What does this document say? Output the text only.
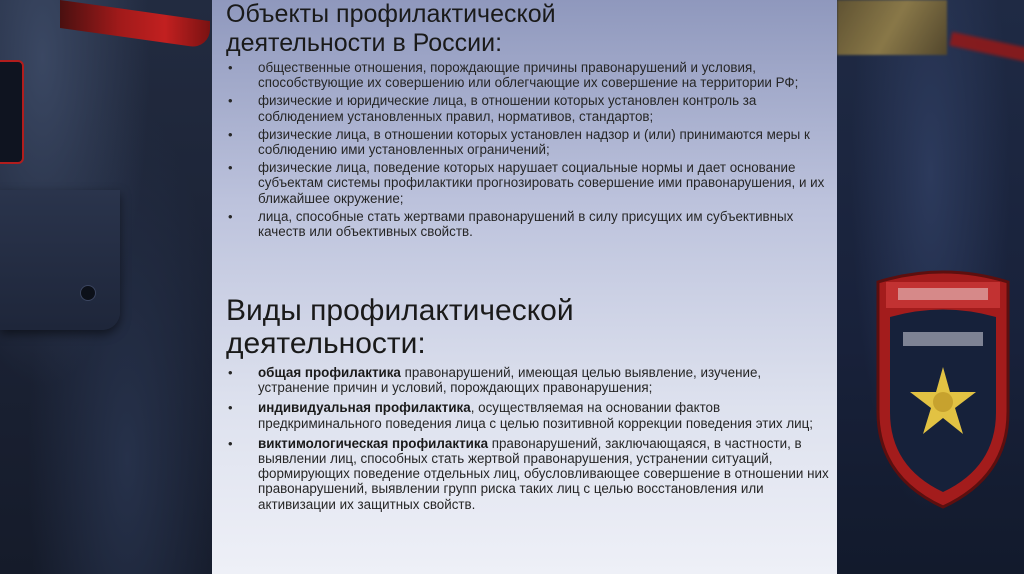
Объекты профилактической
деятельности в России:
• общественные отношения, порождающие причины правонарушений и условия, способствующие их совершению или облегчающие их совершение на территории РФ;
• физические и юридические лица, в отношении которых установлен контроль за соблюдением установленных правил, нормативов, стандартов;
• физические лица, в отношении которых установлен надзор и (или) принимаются меры к соблюдению ими установленных ограничений;
• физические лица, поведение которых нарушает социальные нормы и дает основание субъектам системы профилактики прогнозировать совершение ими правонарушения, и их ближайшее окружение;
• лица, способные стать жертвами правонарушений в силу присущих им субъективных качеств или объективных свойств.
Виды профилактической
деятельности:
• общая профилактика правонарушений, имеющая целью выявление, изучение, устранение причин и условий, порождающих правонарушения;
• индивидуальная профилактика, осуществляемая на основании фактов предкриминального поведения лица с целью позитивной коррекции поведения этих лиц;
• виктимологическая профилактика правонарушений, заключающаяся, в частности, в выявлении лиц, способных стать жертвой правонарушения, устранении ситуаций, формирующих поведение отдельных лиц, обусловливающее совершение в отношении них правонарушений, выявлении групп риска таких лиц с целью восстановления или активизации их защитных свойств.
